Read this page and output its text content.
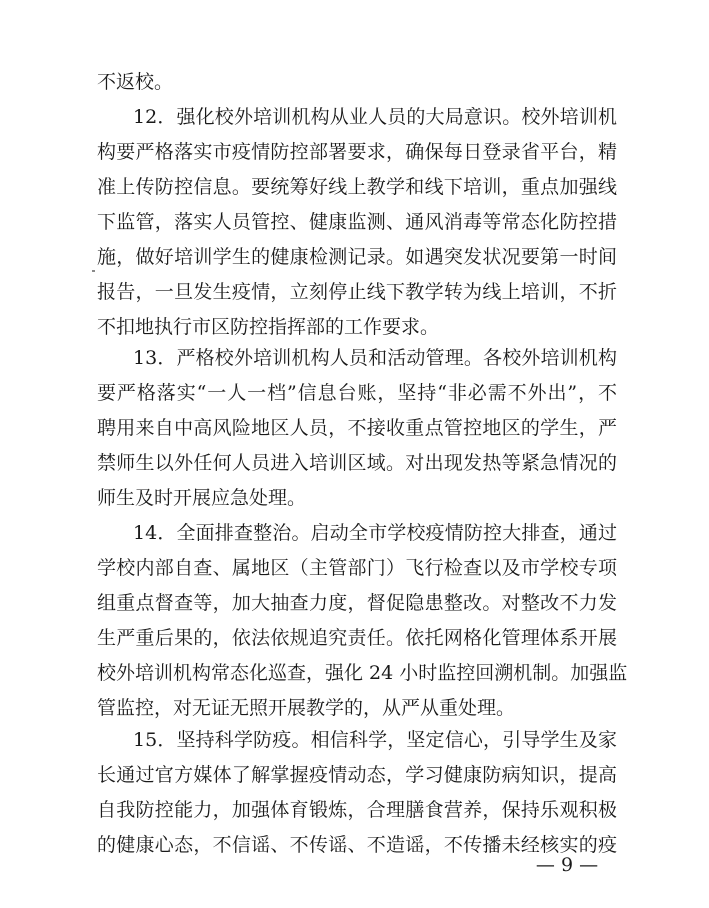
不返校。
12．强化校外培训机构从业人员的大局意识。校外培训机
构要严格落实市疫情防控部署要求，确保每日登录省平台，精
准上传防控信息。要统筹好线上教学和线下培训，重点加强线
下监管，落实人员管控、健康监测、通风消毒等常态化防控措
施，做好培训学生的健康检测记录。如遇突发状况要第一时间
报告，一旦发生疫情，立刻停止线下教学转为线上培训，不折
不扣地执行市区防控指挥部的工作要求。
13．严格校外培训机构人员和活动管理。各校外培训机构
要严格落实“一人一档”信息台账，坚持“非必需不外出”，不
聘用来自中高风险地区人员，不接收重点管控地区的学生，严
禁师生以外任何人员进入培训区域。对出现发热等紧急情况的
师生及时开展应急处理。
14．全面排查整治。启动全市学校疫情防控大排查，通过
学校内部自查、属地区（主管部门）飞行检查以及市学校专项
组重点督查等，加大抽查力度，督促隐患整改。对整改不力发
生严重后果的，依法依规追究责任。依托网格化管理体系开展
校外培训机构常态化巡查，强化 24 小时监控回溯机制。加强监
管监控，对无证无照开展教学的，从严从重处理。
15．坚持科学防疫。相信科学，坚定信心，引导学生及家
长通过官方媒体了解掌握疫情动态，学习健康防病知识，提高
自我防控能力，加强体育锻炼，合理膳食营养，保持乐观积极
的健康心态，不信谣、不传谣、不造谣，不传播未经核实的疫
— 9 —
